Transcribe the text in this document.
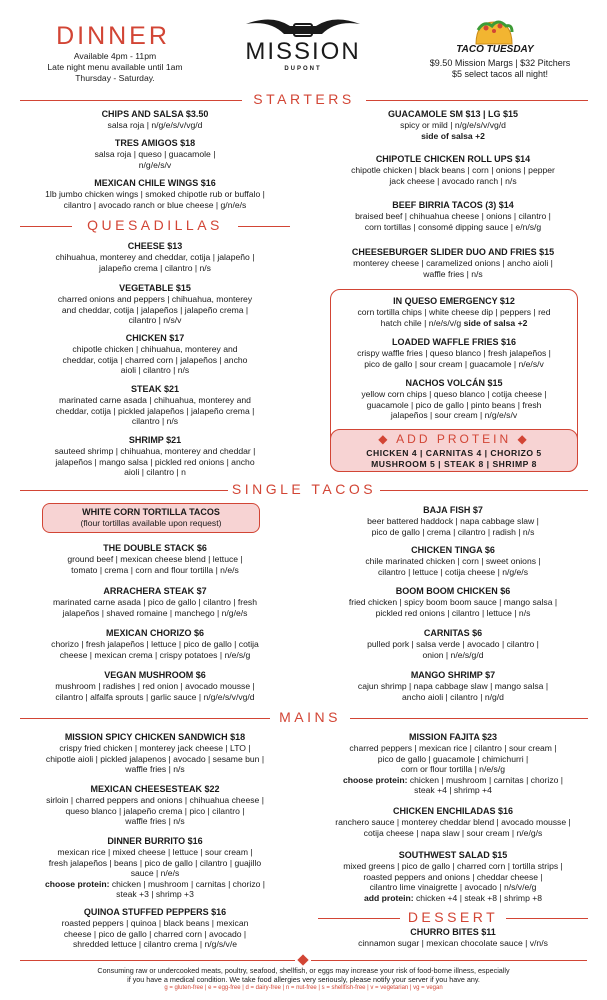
DINNER
Available 4pm - 11pm
Late night menu available until 1am
Thursday - Saturday.
MISSION
DUPONT
TACO TUESDAY
$9.50 Mission Margs | $32 Pitchers
$5 select tacos all night!
STARTERS
CHIPS AND SALSA $3.50
salsa roja | n/g/e/s/v/vg/d
TRES AMIGOS $18
salsa roja | queso | guacamole |
n/g/e/s/v
MEXICAN CHILE WINGS $16
1lb jumbo chicken wings | smoked chipotle rub or buffalo |
cilantro | avocado ranch or blue cheese | g/n/e/s
GUACAMOLE SM $13 | LG $15
spicy or mild | n/g/e/s/v/vg/d
side of salsa +2
CHIPOTLE CHICKEN ROLL UPS $14
chipotle chicken | black beans | corn | onions | pepper
jack cheese | avocado ranch | n/s
BEEF BIRRIA TACOS (3) $14
braised beef | chihuahua cheese | onions | cilantro |
corn tortillas | consomé dipping sauce | e/n/s/g
CHEESEBURGER SLIDER DUO AND FRIES $15
monterey cheese | caramelized onions | ancho aioli |
waffle fries | n/s
QUESADILLAS
CHEESE $13
chihuahua, monterey and cheddar, cotija | jalapeño |
jalapeño crema | cilantro | n/s
VEGETABLE $15
charred onions and peppers | chihuahua, monterey
and cheddar, cotija | jalapeños | jalapeño crema |
cilantro | n/s/v
CHICKEN $17
chipotle chicken | chihuahua, monterey and
cheddar, cotija | charred corn | jalapeños | ancho
aioli | cilantro | n/s
STEAK $21
marinated carne asada | chihuahua, monterey and
cheddar, cotija | pickled jalapeños | jalapeño crema |
cilantro | n/s
SHRIMP $21
sauteed shrimp | chihuahua, monterey and cheddar |
jalapeños | mango salsa | pickled red onions | ancho
aioli | cilantro | n
IN QUESO EMERGENCY $12
corn tortilla chips | white cheese dip | peppers | red
hatch chile | n/e/s/v/g side of salsa +2
LOADED WAFFLE FRIES $16
crispy waffle fries | queso blanco | fresh jalapeños |
pico de gallo | sour cream | guacamole | n/e/s/v
NACHOS VOLCÁN $15
yellow corn chips | queso blanco | cotija cheese |
guacamole | pico de gallo | pinto beans | fresh
jalapeños | sour cream | n/g/e/s/v
◆ ADD PROTEIN ◆
CHICKEN 4 | CARNITAS 4 | CHORIZO 5
MUSHROOM 5 | STEAK 8 | SHRIMP 8
SINGLE TACOS
WHITE CORN TORTILLA TACOS
(flour tortillas available upon request)
THE DOUBLE STACK $6
ground beef | mexican cheese blend | lettuce |
tomato | crema | corn and flour tortilla | n/e/s
ARRACHERA STEAK $7
marinated carne asada | pico de gallo | cilantro | fresh
jalapeños | shaved romaine | manchego | n/g/e/s
MEXICAN CHORIZO $6
chorizo | fresh jalapeños | lettuce | pico de gallo | cotija
cheese | mexican crema | crispy potatoes | n/e/s/g
VEGAN MUSHROOM $6
mushroom | radishes | red onion | avocado mousse |
cilantro | alfalfa sprouts | garlic sauce | n/g/e/s/v/vg/d
BAJA FISH $7
beer battered haddock | napa cabbage slaw |
pico de gallo | crema | cilantro | radish | n/s
CHICKEN TINGA $6
chile marinated chicken | corn | sweet onions |
cilantro | lettuce | cotija cheese | n/g/e/s
BOOM BOOM CHICKEN $6
fried chicken | spicy boom boom sauce | mango salsa |
pickled red onions | cilantro | lettuce | n/s
CARNITAS $6
pulled pork | salsa verde | avocado | cilantro |
onion | n/e/s/g/d
MANGO SHRIMP $7
cajun shrimp | napa cabbage slaw | mango salsa |
ancho aioli | cilantro | n/g/d
MAINS
MISSION SPICY CHICKEN SANDWICH $18
crispy fried chicken | monterey jack cheese | LTO |
chipotle aioli | pickled jalapenos | avocado | sesame bun |
waffle fries | n/s
MEXICAN CHEESESTEAK $22
sirloin | charred peppers and onions | chihuahua cheese |
queso blanco | jalapeño crema | pico | cilantro |
waffle fries | n/s
DINNER BURRITO $16
mexican rice | mixed cheese | lettuce | sour cream |
fresh jalapeños | beans | pico de gallo | cilantro | guajillo
sauce | n/e/s
choose protein: chicken | mushroom | carnitas | chorizo |
steak +3 | shrimp +3
QUINOA STUFFED PEPPERS $16
roasted peppers | quinoa | black beans | mexican
cheese | pico de gallo | charred corn | avocado |
shredded lettuce | cilantro crema | n/g/s/v/e
MISSION FAJITA $23
charred peppers | mexican rice | cilantro | sour cream |
pico de gallo | guacamole | chimichurri |
corn or flour tortilla | n/e/s/g
choose protein: chicken | mushroom | carnitas | chorizo |
steak +4 | shrimp +4
CHICKEN ENCHILADAS $16
ranchero sauce | monterey cheddar blend | avocado mousse |
cotija cheese | napa slaw | sour cream | n/e/g/s
SOUTHWEST SALAD $15
mixed greens | pico de gallo | charred corn | tortilla strips |
roasted peppers and onions | cheddar cheese |
cilantro lime vinaigrette | avocado | n/s/v/e/g
add protein: chicken +4 | steak +8 | shrimp +8
DESSERT
CHURRO BITES $11
cinnamon sugar | mexican chocolate sauce | v/n/s
Consuming raw or undercooked meats, poultry, seafood, shellfish, or eggs may increase your risk of food-borne illness, especially
if you have a medical condition. We take food allergies very seriously, please notify your server if you have any.
g = gluten-free | e = egg-free | d = dairy-free | n = nut-free | s = shellfish-free | v = vegetarian | vg = vegan
